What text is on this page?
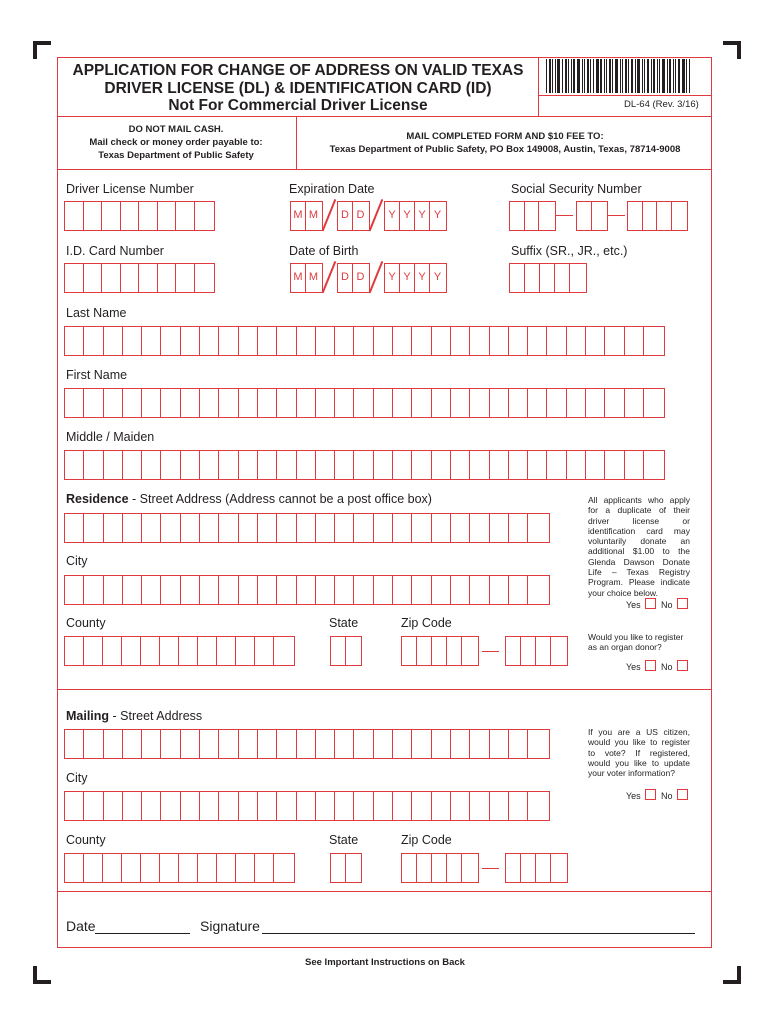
APPLICATION FOR CHANGE OF ADDRESS ON VALID TEXAS
DRIVER LICENSE (DL) & IDENTIFICATION CARD (ID)
Not For Commercial Driver License	DL-64 (Rev. 3/16)
DO NOT MAIL CASH.
Mail check or money order payable to:
Texas Department of Public Safety
MAIL COMPLETED FORM AND $10 FEE TO:
Texas Department of Public Safety, PO Box 149008, Austin, Texas, 78714-9008
Driver License Number	Expiration Date	Social Security Number
I.D. Card Number	Date of Birth	Suffix (SR., JR., etc.)
Last Name
First Name
Middle / Maiden
Residence - Street Address (Address cannot be a post office box)
City
County	State	Zip Code
All applicants who apply for a duplicate of their driver license or identification card may voluntarily donate an additional $1.00 to the Glenda Dawson Donate Life – Texas Registry Program. Please indicate your choice below.
Yes No
Would you like to register as an organ donor?
Yes No
Mailing - Street Address
City
County	State	Zip Code
If you are a US citizen, would you like to register to vote? If registered, would you like to update your voter information?
Yes No
Date	Signature
See Important Instructions on Back
M M D D	Y Y Y Y
M M D D	Y Y Y Y
